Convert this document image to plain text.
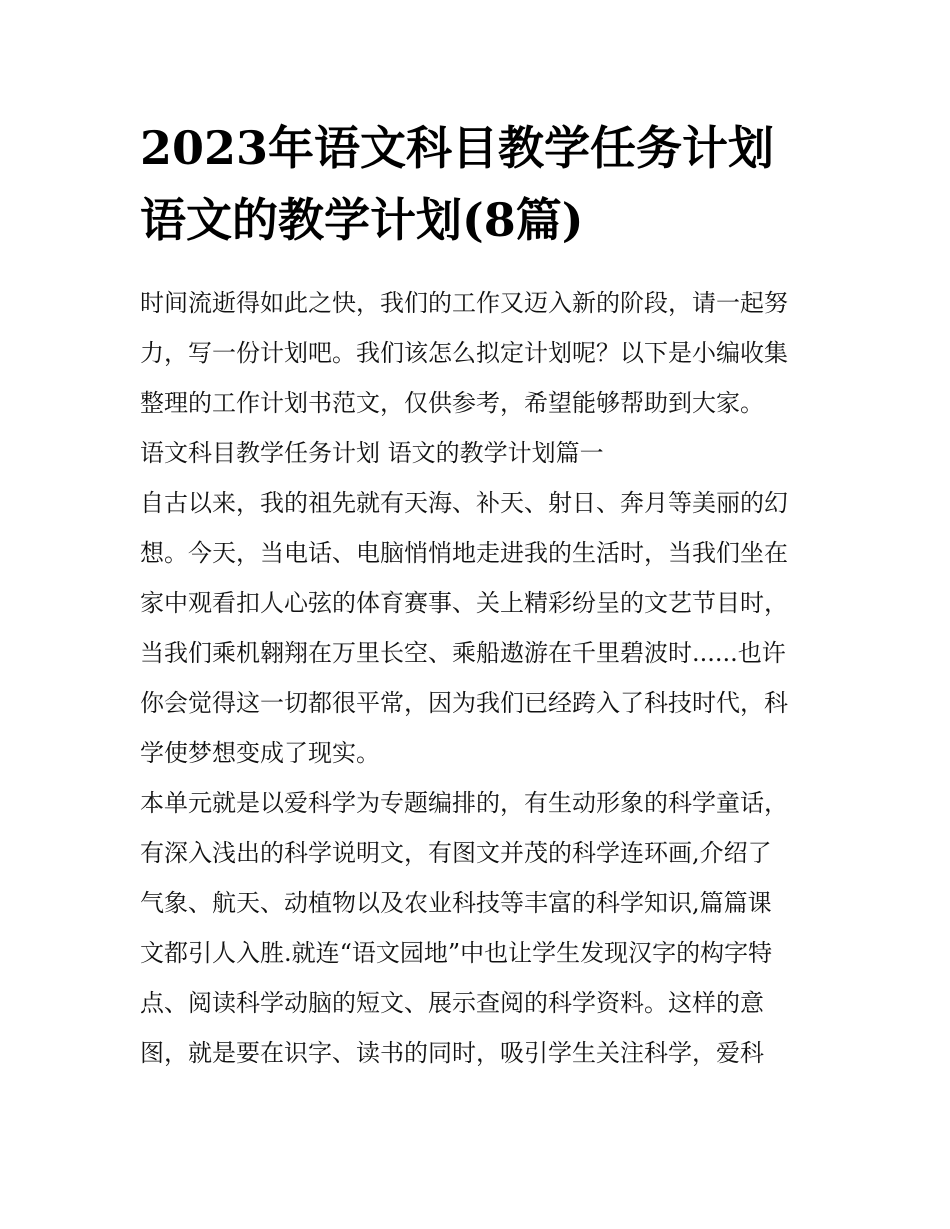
2023年语文科目教学任务计划
语文的教学计划(8篇)

时间流逝得如此之快，我们的工作又迈入新的阶段，请一起努
力，写一份计划吧。我们该怎么拟定计划呢？以下是小编收集
整理的工作计划书范文，仅供参考，希望能够帮助到大家。

语文科目教学任务计划 语文的教学计划篇一

自古以来，我的祖先就有天海、补天、射日、奔月等美丽的幻
想。今天，当电话、电脑悄悄地走进我的生活时，当我们坐在
家中观看扣人心弦的体育赛事、关上精彩纷呈的文艺节目时，
当我们乘机翱翔在万里长空、乘船遨游在千里碧波时......也许
你会觉得这一切都很平常，因为我们已经跨入了科技时代，科
学使梦想变成了现实。

本单元就是以爱科学为专题编排的，有生动形象的科学童话，
有深入浅出的科学说明文，有图文并茂的科学连环画,介绍了
气象、航天、动植物以及农业科技等丰富的科学知识,篇篇课
文都引人入胜.就连“语文园地”中也让学生发现汉字的构字特
点、阅读科学动脑的短文、展示查阅的科学资料。这样的意
图，就是要在识字、读书的同时，吸引学生关注科学，爱科
